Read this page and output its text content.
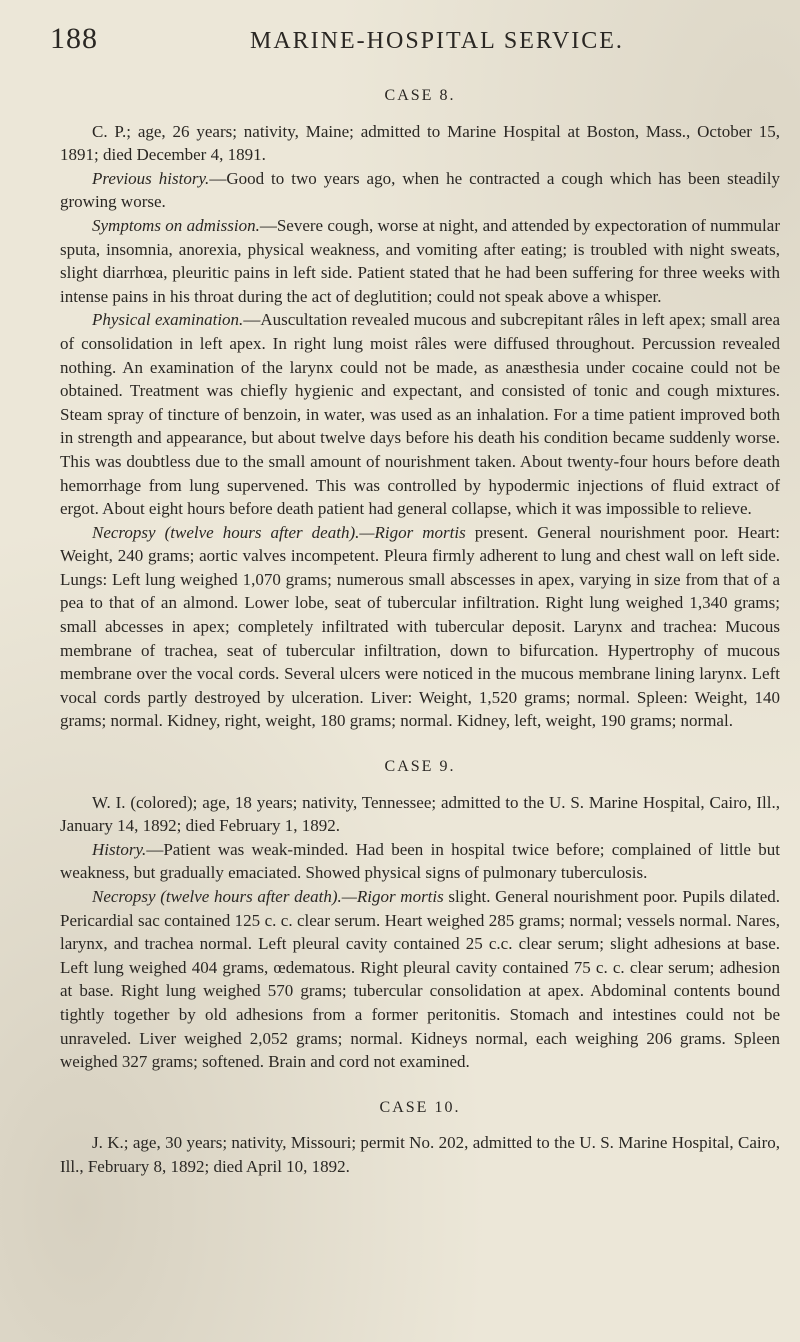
188	MARINE-HOSPITAL SERVICE.
CASE 8.

C. P.; age, 26 years; nativity, Maine; admitted to Marine Hospital at Boston, Mass., October 15, 1891; died December 4, 1891.

Previous history.—Good to two years ago, when he contracted a cough which has been steadily growing worse.

Symptoms on admission.—Severe cough, worse at night, and attended by expectoration of nummular sputa, insomnia, anorexia, physical weakness, and vomiting after eating; is troubled with night sweats, slight diarrhœa, pleuritic pains in left side. Patient stated that he had been suffering for three weeks with intense pains in his throat during the act of deglutition; could not speak above a whisper.

Physical examination.—Auscultation revealed mucous and subcrepitant râles in left apex; small area of consolidation in left apex. In right lung moist râles were diffused throughout. Percussion revealed nothing. An examination of the larynx could not be made, as anæsthesia under cocaine could not be obtained. Treatment was chiefly hygienic and expectant, and consisted of tonic and cough mixtures. Steam spray of tincture of benzoin, in water, was used as an inhalation. For a time patient improved both in strength and appearance, but about twelve days before his death his condition became suddenly worse. This was doubtless due to the small amount of nourishment taken. About twenty-four hours before death hemorrhage from lung supervened. This was controlled by hypodermic injections of fluid extract of ergot. About eight hours before death patient had general collapse, which it was impossible to relieve.

Necropsy (twelve hours after death).—Rigor mortis present. General nourishment poor. Heart: Weight, 240 grams; aortic valves incompetent. Pleura firmly adherent to lung and chest wall on left side. Lungs: Left lung weighed 1,070 grams; numerous small abscesses in apex, varying in size from that of a pea to that of an almond. Lower lobe, seat of tubercular infiltration. Right lung weighed 1,340 grams; small abcesses in apex; completely infiltrated with tubercular deposit. Larynx and trachea: Mucous membrane of trachea, seat of tubercular infiltration, down to bifurcation. Hypertrophy of mucous membrane over the vocal cords. Several ulcers were noticed in the mucous membrane lining larynx. Left vocal cords partly destroyed by ulceration. Liver: Weight, 1,520 grams; normal. Spleen: Weight, 140 grams; normal. Kidney, right, weight, 180 grams; normal. Kidney, left, weight, 190 grams; normal.

CASE 9.

W. I. (colored); age, 18 years; nativity, Tennessee; admitted to the U. S. Marine Hospital, Cairo, Ill., January 14, 1892; died February 1, 1892.

History.—Patient was weak-minded. Had been in hospital twice before; complained of little but weakness, but gradually emaciated. Showed physical signs of pulmonary tuberculosis.

Necropsy (twelve hours after death).—Rigor mortis slight. General nourishment poor. Pupils dilated. Pericardial sac contained 125 c. c. clear serum. Heart weighed 285 grams; normal; vessels normal. Nares, larynx, and trachea normal. Left pleural cavity contained 25 c.c. clear serum; slight adhesions at base. Left lung weighed 404 grams, œdematous. Right pleural cavity contained 75 c. c. clear serum; adhesion at base. Right lung weighed 570 grams; tubercular consolidation at apex. Abdominal contents bound tightly together by old adhesions from a former peritonitis. Stomach and intestines could not be unraveled. Liver weighed 2,052 grams; normal. Kidneys normal, each weighing 206 grams. Spleen weighed 327 grams; softened. Brain and cord not examined.

CASE 10.

J. K.; age, 30 years; nativity, Missouri; permit No. 202, admitted to the U. S. Marine Hospital, Cairo, Ill., February 8, 1892; died April 10, 1892.
